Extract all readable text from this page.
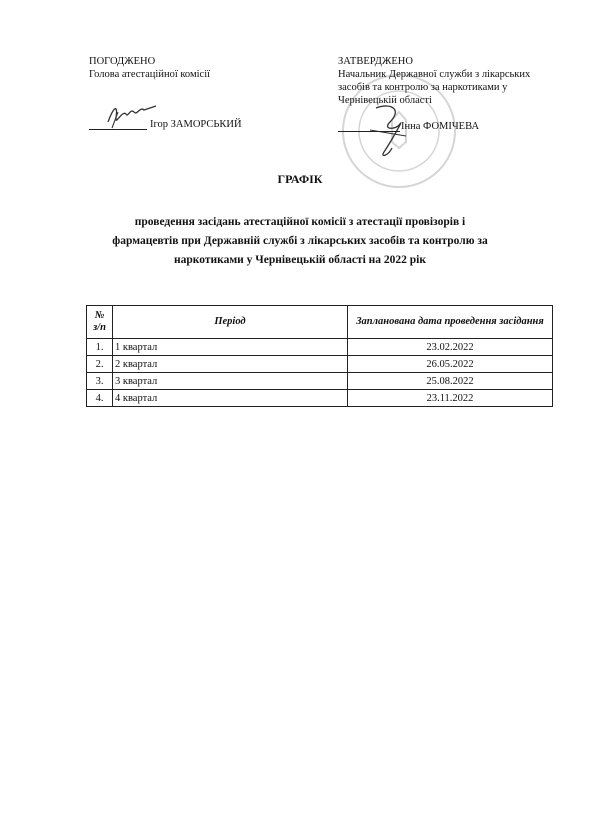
ПОГОДЖЕНО
Голова атестаційної комісії
Ігор ЗАМОРСЬКИЙ
ЗАТВЕРДЖЕНО
Начальник Державної служби з лікарських
засобів та контролю за наркотиками у
Чернівецькій області
Інна ФОМІЧЕВА
ГРАФІК
проведення засідань атестаційної комісії з атестації провізорів і
фармацевтів при Державній службі з лікарських засобів та контролю за
наркотиками у Чернівецькій області на 2022 рік
№
з/п	Період	Запланована дата проведення засідання
1.	1 квартал	23.02.2022
2.	2 квартал	26.05.2022
3.	3 квартал	25.08.2022
4.	4 квартал	23.11.2022
